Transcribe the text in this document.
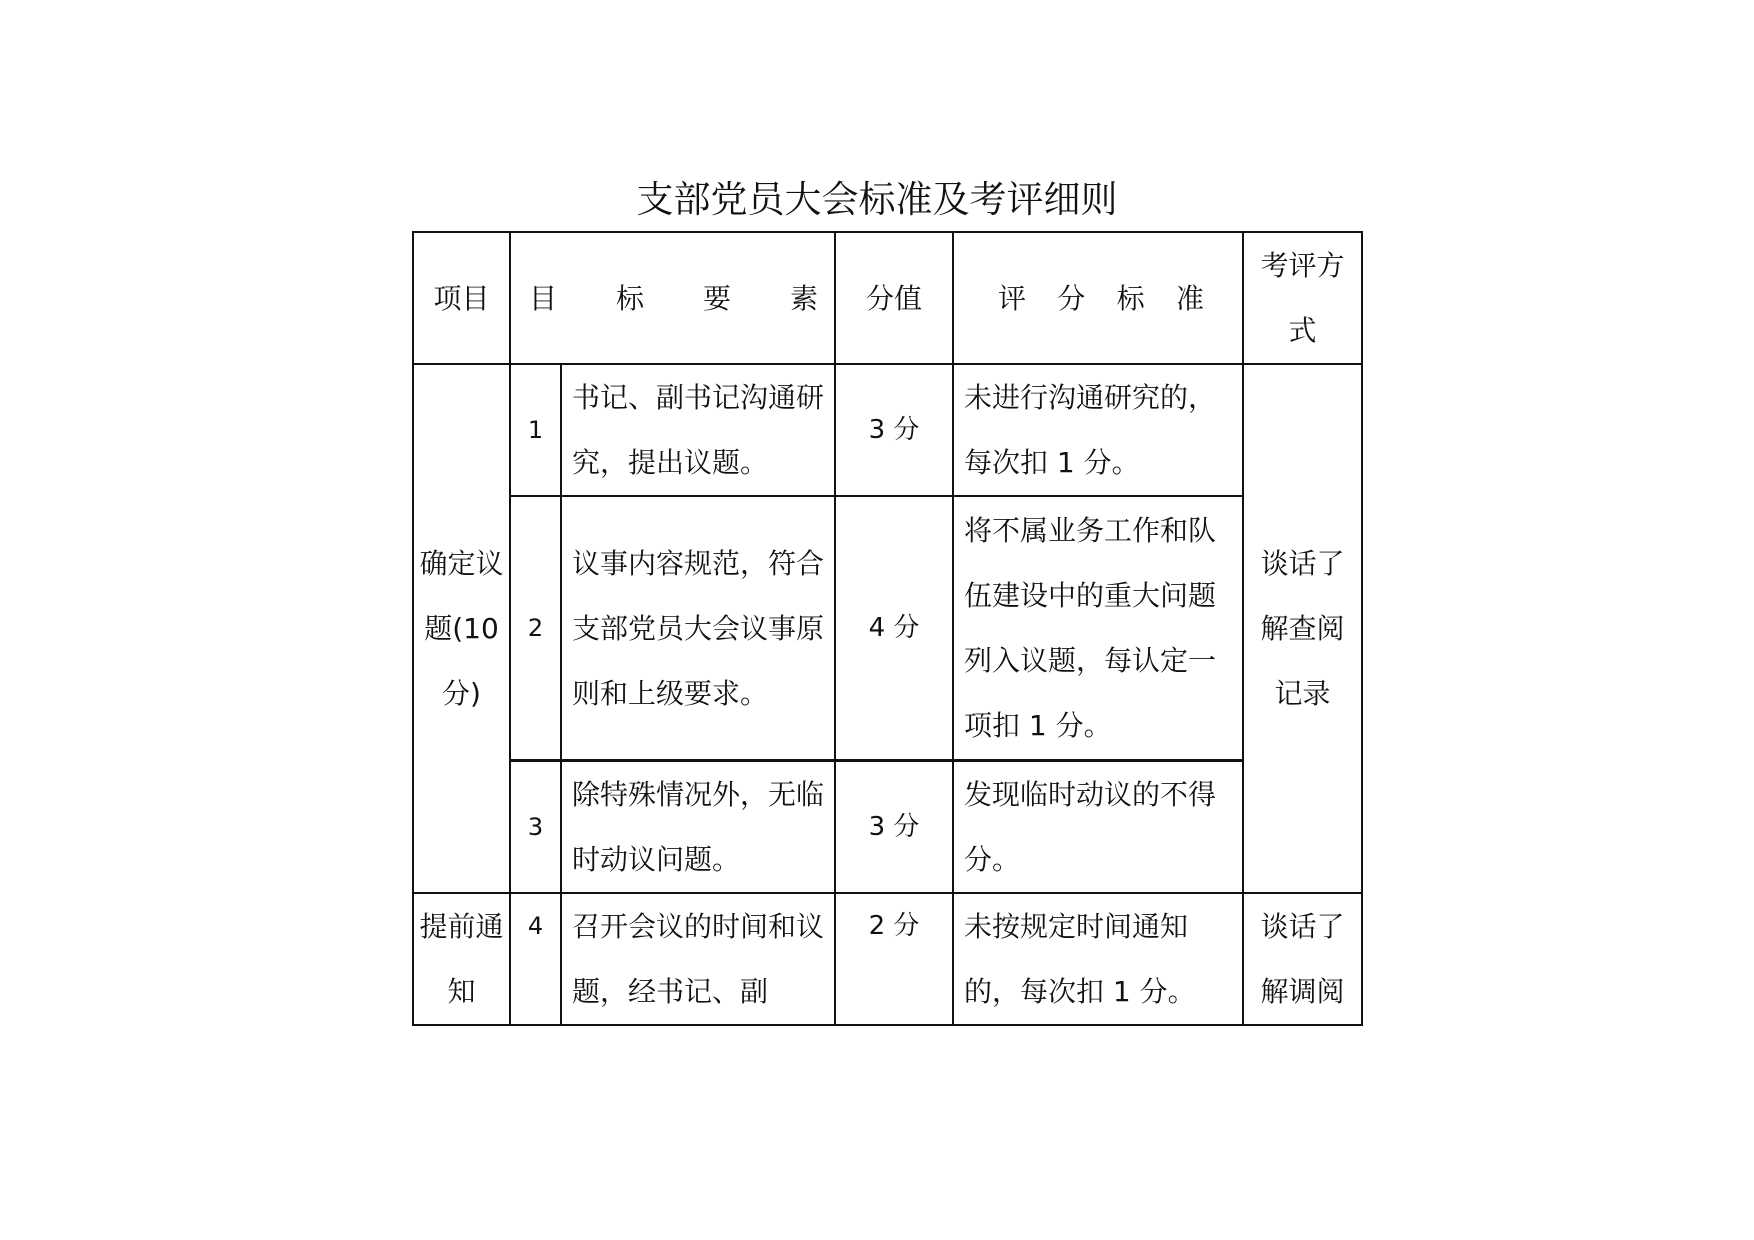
支部党员大会标准及考评细则
项目	目 标 要 素		分值	评 分 标 准	考评方式

确定议题(10分)	1	书记、副书记沟通研究，提出议题。	3 分	未进行沟通研究的，每次扣 1 分。	谈话了解查阅记录

	2	议事内容规范，符合支部党员大会议事原则和上级要求。	4 分	将不属业务工作和队伍建设中的重大问题列入议题，每认定一项扣 1 分。	

	3	除特殊情况外，无临时动议问题。	3 分	发现临时动议的不得分。	

提前通知	4	召开会议的时间和议题，经书记、副	2 分	未按规定时间通知的，每次扣 1 分。	谈话了解调阅
